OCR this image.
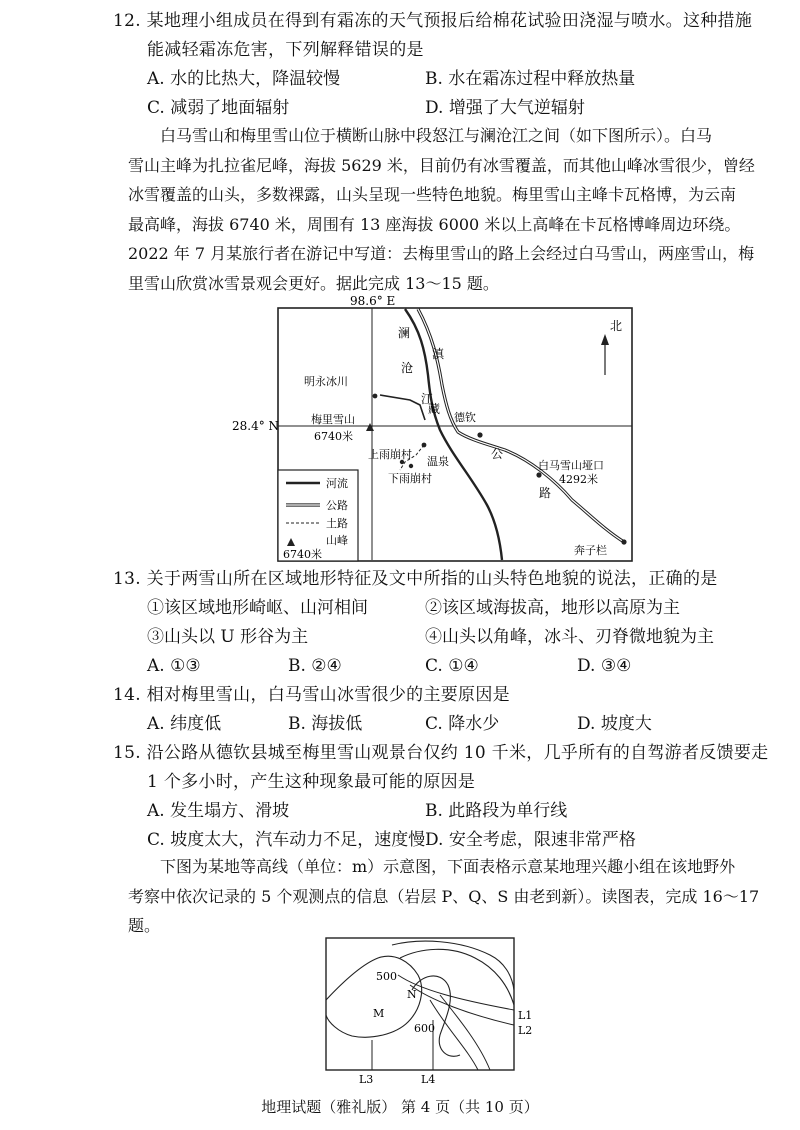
12. 某地理小组成员在得到有霜冻的天气预报后给棉花试验田浇湿与喷水。这种措施
能减轻霜冻危害，下列解释错误的是
A. 水的比热大，降温较慢	B. 水在霜冻过程中释放热量
C. 减弱了地面辐射	D. 增强了大气逆辐射
白马雪山和梅里雪山位于横断山脉中段怒江与澜沧江之间（如下图所示）。白马
雪山主峰为扎拉雀尼峰，海拔 5629 米，目前仍有冰雪覆盖，而其他山峰冰雪很少，曾经
冰雪覆盖的山头，多数裸露，山头呈现一些特色地貌。梅里雪山主峰卡瓦格博，为云南
最高峰，海拔 6740 米，周围有 13 座海拔 6000 米以上高峰在卡瓦格博峰周边环绕。
2022 年 7 月某旅行者在游记中写道：去梅里雪山的路上会经过白马雪山，两座雪山，梅
里雪山欣赏冰雪景观会更好。据此完成 13～15 题。
98.6° E
28.4° N
北
澜
沧
江
滇
藏
公
路
明永冰川
梅里雪山
6740米
德钦
上雨崩村
温泉
下雨崩村
白马雪山垭口
4292米
奔子栏
河流
公路
土路
山峰
6740米
13. 关于两雪山所在区域地形特征及文中所指的山头特色地貌的说法，正确的是
①该区域地形崎岖、山河相间	②该区域海拔高，地形以高原为主
③山头以 U 形谷为主	④山头以角峰，冰斗、刃脊微地貌为主
A. ①③	B. ②④	C. ①④	D. ③④
14. 相对梅里雪山，白马雪山冰雪很少的主要原因是
A. 纬度低	B. 海拔低	C. 降水少	D. 坡度大
15. 沿公路从德钦县城至梅里雪山观景台仅约 10 千米，几乎所有的自驾游者反馈要走
1 个多小时，产生这种现象最可能的原因是
A. 发生塌方、滑坡	B. 此路段为单行线
C. 坡度太大，汽车动力不足，速度慢 D. 安全考虑，限速非常严格
下图为某地等高线（单位：m）示意图，下面表格示意某地理兴趣小组在该地野外
考察中依次记录的 5 个观测点的信息（岩层 P、Q、S 由老到新）。读图表，完成 16～17
题。
500
N
M
600
L1
L2
L3	L4
地理试题（雅礼版） 第 4 页（共 10 页）
